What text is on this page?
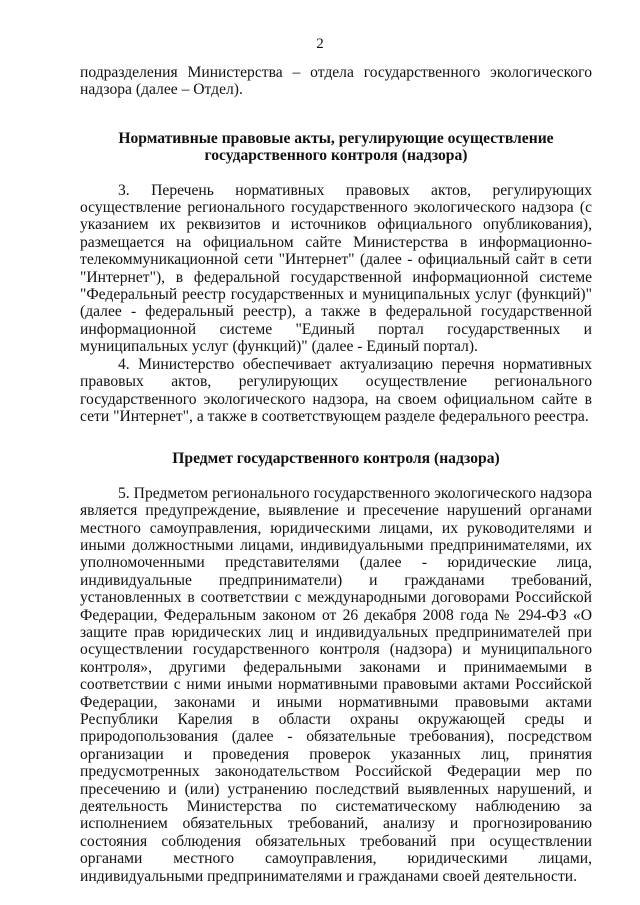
2

подразделения Министерства – отдела государственного экологического надзора (далее – Отдел).

Нормативные правовые акты, регулирующие осуществление государственного контроля (надзора)

3. Перечень нормативных правовых актов, регулирующих осуществление регионального государственного экологического надзора (с указанием их реквизитов и источников официального опубликования), размещается на официальном сайте Министерства в информационно-телекоммуникационной сети "Интернет" (далее - официальный сайт в сети "Интернет"), в федеральной государственной информационной системе "Федеральный реестр государственных и муниципальных услуг (функций)" (далее - федеральный реестр), а также в федеральной государственной информационной системе "Единый портал государственных и муниципальных услуг (функций)" (далее - Единый портал).

4. Министерство обеспечивает актуализацию перечня нормативных правовых актов, регулирующих осуществление регионального государственного экологического надзора, на своем официальном сайте в сети "Интернет", а также в соответствующем разделе федерального реестра.

Предмет государственного контроля (надзора)

5. Предметом регионального государственного экологического надзора является предупреждение, выявление и пресечение нарушений органами местного самоуправления, юридическими лицами, их руководителями и иными должностными лицами, индивидуальными предпринимателями, их уполномоченными представителями (далее - юридические лица, индивидуальные предприниматели) и гражданами требований, установленных в соответствии с международными договорами Российской Федерации, Федеральным законом от 26 декабря 2008 года № 294-ФЗ «О защите прав юридических лиц и индивидуальных предпринимателей при осуществлении государственного контроля (надзора) и муниципального контроля», другими федеральными законами и принимаемыми в соответствии с ними иными нормативными правовыми актами Российской Федерации, законами и иными нормативными правовыми актами Республики Карелия в области охраны окружающей среды и природопользования (далее - обязательные требования), посредством организации и проведения проверок указанных лиц, принятия предусмотренных законодательством Российской Федерации мер по пресечению и (или) устранению последствий выявленных нарушений, и деятельность Министерства по систематическому наблюдению за исполнением обязательных требований, анализу и прогнозированию состояния соблюдения обязательных требований при осуществлении органами местного самоуправления, юридическими лицами, индивидуальными предпринимателями и гражданами своей деятельности.
